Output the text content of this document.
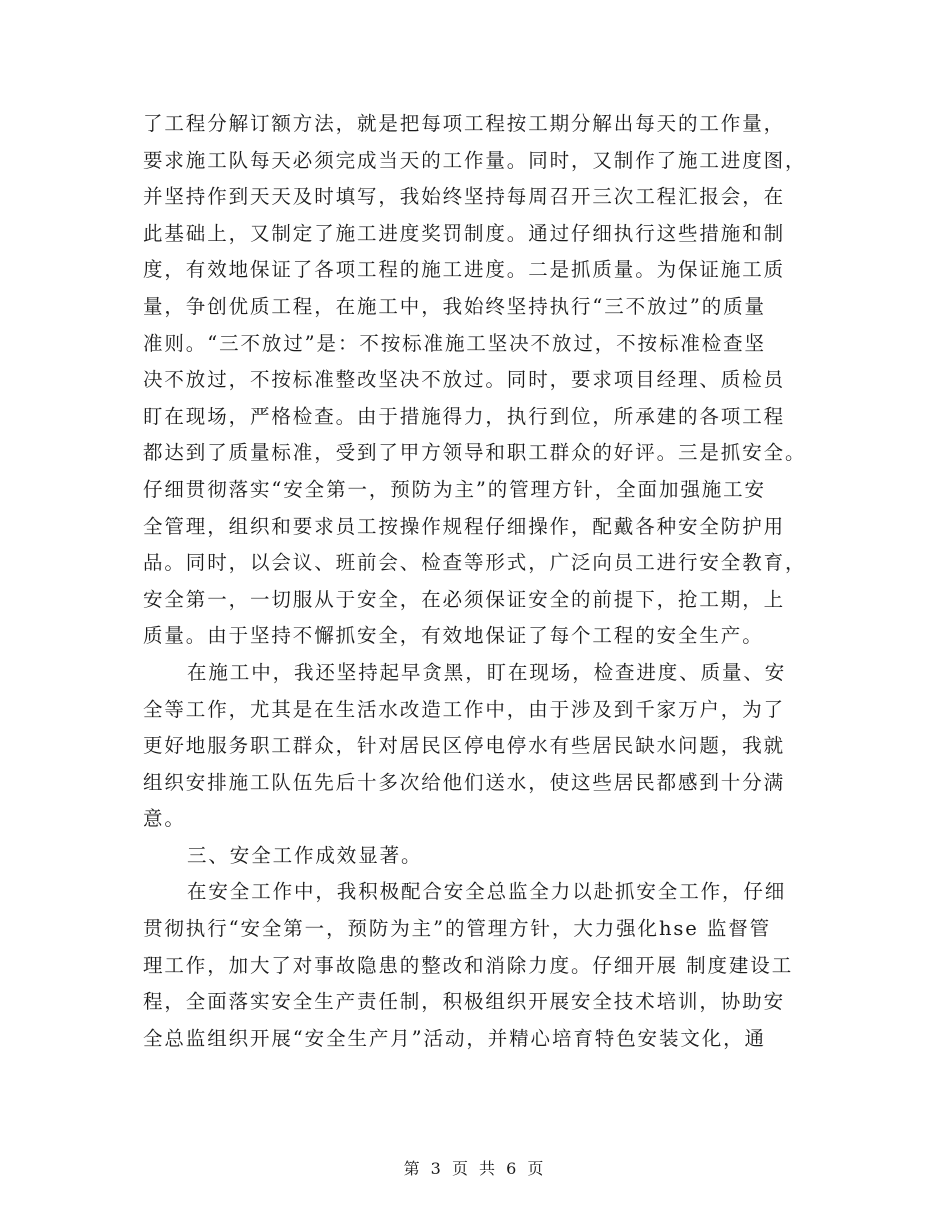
了工程分解订额方法，就是把每项工程按工期分解出每天的工作量，
要求施工队每天必须完成当天的工作量。同时，又制作了施工进度图，
并坚持作到天天及时填写，我始终坚持每周召开三次工程汇报会，在
此基础上，又制定了施工进度奖罚制度。通过仔细执行这些措施和制
度，有效地保证了各项工程的施工进度。二是抓质量。为保证施工质
量，争创优质工程，在施工中，我始终坚持执行“三不放过”的质量
准则。“三不放过”是：不按标准施工坚决不放过，不按标准检查坚
决不放过，不按标准整改坚决不放过。同时，要求项目经理、质检员
盯在现场，严格检查。由于措施得力，执行到位，所承建的各项工程
都达到了质量标准，受到了甲方领导和职工群众的好评。三是抓安全。
仔细贯彻落实“安全第一，预防为主”的管理方针，全面加强施工安
全管理，组织和要求员工按操作规程仔细操作，配戴各种安全防护用
品。同时，以会议、班前会、检查等形式，广泛向员工进行安全教育，
安全第一，一切服从于安全，在必须保证安全的前提下，抢工期，上
质量。由于坚持不懈抓安全，有效地保证了每个工程的安全生产。
在施工中，我还坚持起早贪黑，盯在现场，检查进度、质量、安
全等工作，尤其是在生活水改造工作中，由于涉及到千家万户，为了
更好地服务职工群众，针对居民区停电停水有些居民缺水问题，我就
组织安排施工队伍先后十多次给他们送水，使这些居民都感到十分满
意。
三、安全工作成效显著。
在安全工作中，我积极配合安全总监全力以赴抓安全工作，仔细
贯彻执行“安全第一，预防为主”的管理方针，大力强化hse 监督管
理工作，加大了对事故隐患的整改和消除力度。仔细开展 制度建设工
程，全面落实安全生产责任制，积极组织开展安全技术培训，协助安
全总监组织开展“安全生产月”活动，并精心培育特色安装文化，通
第 3 页 共 6 页
